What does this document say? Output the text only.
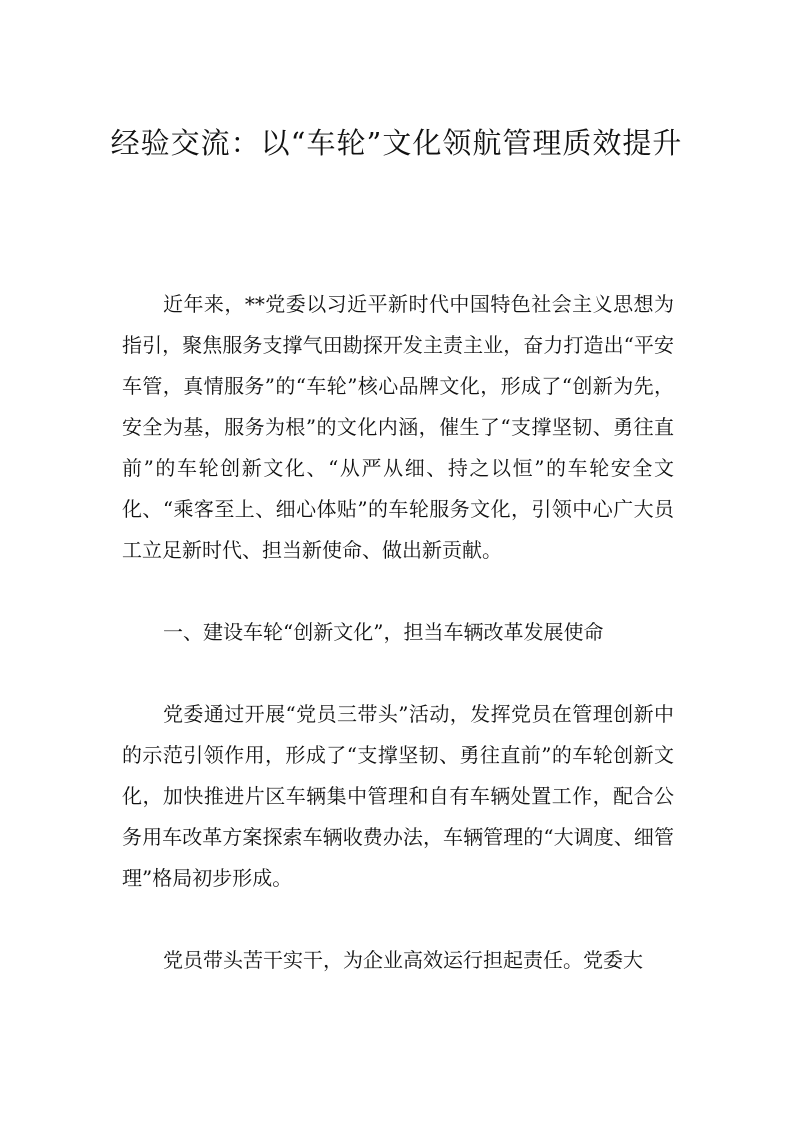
经验交流：以“车轮”文化领航管理质效提升

近年来，**党委以习近平新时代中国特色社会主义思想为指引，聚焦服务支撑气田勘探开发主责主业，奋力打造出“平安车管，真情服务”的“车轮”核心品牌文化，形成了“创新为先，安全为基，服务为根”的文化内涵，催生了“支撑坚韧、勇往直前”的车轮创新文化、“从严从细、持之以恒”的车轮安全文化、“乘客至上、细心体贴”的车轮服务文化，引领中心广大员工立足新时代、担当新使命、做出新贡献。

一、建设车轮“创新文化”，担当车辆改革发展使命

党委通过开展“党员三带头”活动，发挥党员在管理创新中的示范引领作用，形成了“支撑坚韧、勇往直前”的车轮创新文化，加快推进片区车辆集中管理和自有车辆处置工作，配合公务用车改革方案探索车辆收费办法，车辆管理的“大调度、细管理”格局初步形成。

党员带头苦干实干，为企业高效运行担起责任。党委大
